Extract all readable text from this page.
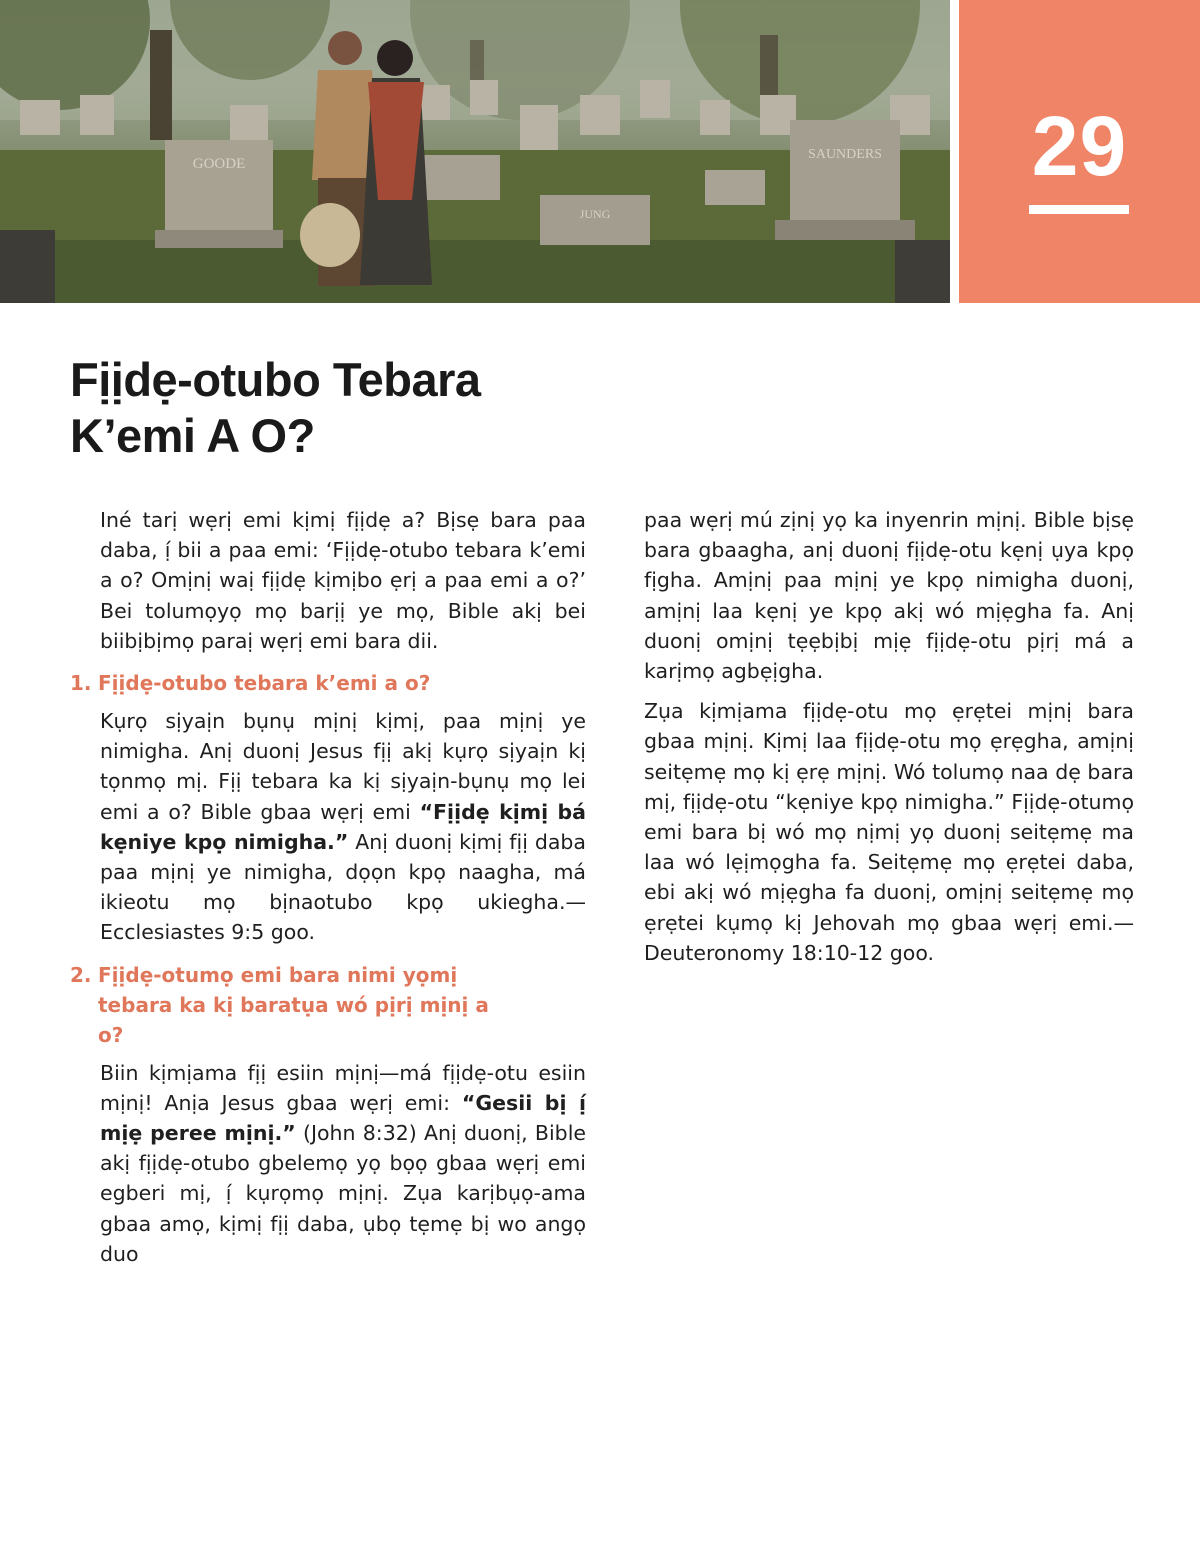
GOODE
SAUNDERS
JUNG
29
Fịịdẹ-otubo Tebara
K’emi A O?

Iné tarị wẹrị emi kịmị fịịdẹ a? Bịsẹ bara paa daba, ị́ bii a paa emi: ‘Fịịdẹ-otubo tebara k’emi a o? Omịnị waị fịịdẹ kịmịbo ẹrị a paa emi a o?’ Bei tolumọyọ mọ barịị ye mọ, Bible akị bei biibịbịmọ paraị wẹrị emi bara dii.

1. Fịịdẹ-otubo tebara k’emi a o?

Kụrọ sịyaịn bụnụ mịnị kịmị, paa mịnị ye nimigha. Anị duonị Jesus fịị akị kụrọ sịyaịn kị tọnmọ mị. Fịị tebara ka kị sịyaịn-bụnụ mọ lei emi a o? Bible gbaa wẹrị emi “Fịịdẹ kịmị bá kẹniye kpọ nimigha.” Anị duonị kịmị fịị daba paa mịnị ye nimigha, dọọn kpọ naagha, má ikieotu mọ bịnaotubo kpọ ukiegha.—Ecclesiastes 9:5 goo.

2. Fịịdẹ-otumọ emi bara nimi yọmị tebara ka kị baratụa wó pịrị mịnị a o?

Biin kịmịama fịị esiin mịnị—má fịịdẹ-otu esiin mịnị! Anịa Jesus gbaa wẹrị emi: “Gesii bị ị́ mịẹ peree mịnị.” (John 8:32) Anị duonị, Bible akị fịịdẹ-otubo gbelemọ yọ bọọ gbaa wẹrị emi egberi mị, ị́ kụrọmọ mịnị. Zụa karịbụọ-ama gbaa amọ, kịmị fịị daba, ụbọ tẹmẹ bị wo angọ duo

paa wẹrị mú zịnị yọ ka inyenrin mịnị. Bible bịsẹ bara gbaagha, anị duonị fịịdẹ-otu kẹnị ụya kpọ fịgha. Amịnị paa mịnị ye kpọ nimigha duonị, amịnị laa kẹnị ye kpọ akị wó mịẹgha fa. Anị duonị omịnị tẹẹbịbị mịẹ fịịdẹ-otu pịrị má a karịmọ agbẹịgha.

Zụa kịmịama fịịdẹ-otu mọ ẹrẹtei mịnị bara gbaa mịnị. Kịmị laa fịịdẹ-otu mọ ẹrẹgha, amịnị seitẹmẹ mọ kị ẹrẹ mịnị. Wó tolumọ naa dẹ bara mị, fịịdẹ-otu “kẹniye kpọ nimigha.” Fịịdẹ-otumọ emi bara bị wó mọ nịmị yọ duonị seitẹmẹ ma laa wó lẹịmọgha fa. Seitẹmẹ mọ ẹrẹtei daba, ebi akị wó mịẹgha fa duonị, omịnị seitẹmẹ mọ ẹrẹtei kụmọ kị Jehovah mọ gbaa wẹrị emi.—Deuteronomy 18:10-12 goo.
